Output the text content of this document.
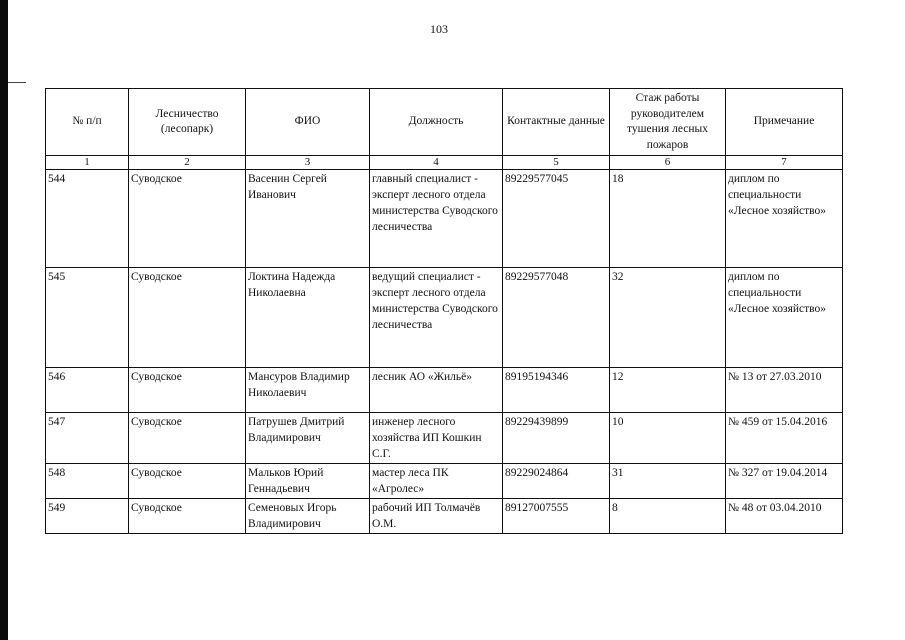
103
№ п/п	Лесничество (лесопарк)	ФИО	Должность	Контактные данные	Стаж работы руководителем тушения лесных пожаров	Примечание
1	2	3	4	5	6	7
544	Суводское	Васенин Сергей Иванович	главный специалист - эксперт лесного отдела министерства Суводского лесничества	89229577045	18	диплом по специальности «Лесное хозяйство»
545	Суводское	Локтина Надежда Николаевна	ведущий специалист - эксперт лесного отдела министерства Суводского лесничества	89229577048	32	диплом по специальности «Лесное хозяйство»
546	Суводское	Мансуров Владимир Николаевич	лесник АО «Жильё»	89195194346	12	№ 13 от 27.03.2010
547	Суводское	Патрушев Дмитрий Владимирович	инженер лесного хозяйства ИП Кошкин С.Г.	89229439899	10	№ 459 от 15.04.2016
548	Суводское	Мальков Юрий Геннадьевич	мастер леса ПК «Агролес»	89229024864	31	№ 327 от 19.04.2014
549	Суводское	Семеновых Игорь Владимирович	рабочий ИП Толмачёв О.М.	89127007555	8	№ 48 от 03.04.2010
